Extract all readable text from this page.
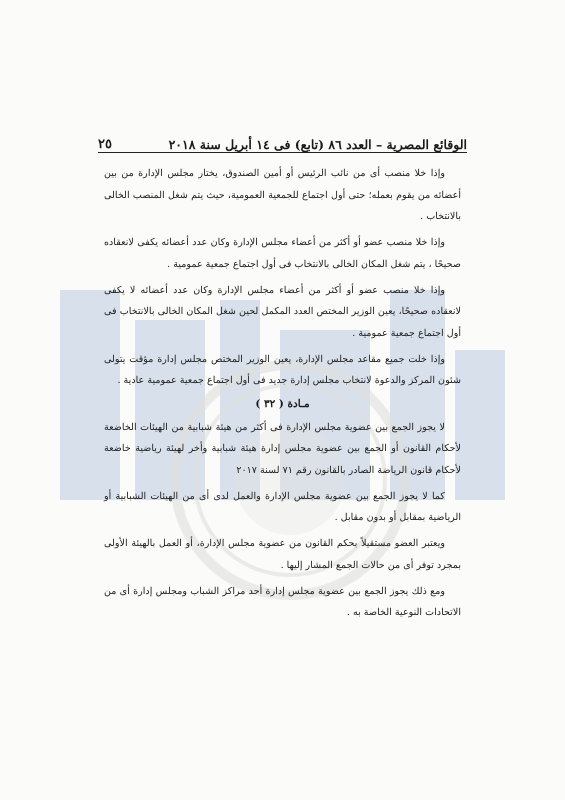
الوقائع المصرية – العدد ٨٦ (تابع) فى ١٤ أبريل سنة ٢٠١٨
٢٥

وإذا خلا منصب أى من نائب الرئيس أو أمين الصندوق، يختار مجلس الإدارة من بين أعضائه من يقوم بعمله؛ حتى أول اجتماع للجمعية العمومية، حيث يتم شغل المنصب الخالى بالانتخاب .

وإذا خلا منصب عضو أو أكثر من أعضاء مجلس الإدارة وكان عدد أعضائه يكفى لانعقاده صحيحًا ، يتم شغل المكان الخالى بالانتخاب فى أول اجتماع جمعية عمومية .

وإذا خلا منصب عضو أو أكثر من أعضاء مجلس الإدارة وكان عدد أعضائه لا يكفى لانعقاده صحيحًا، يعين الوزير المختص العدد المكمل لحين شغل المكان الخالى بالانتخاب فى أول اجتماع جمعية عمومية .

وإذا خلت جميع مقاعد مجلس الإدارة، يعين الوزير المختص مجلس إدارة مؤقت يتولى شئون المركز والدعوة لانتخاب مجلس إدارة جديد فى أول اجتماع جمعية عمومية عادية .

مـادة ( ٣٢ )

لا يجوز الجمع بين عضوية مجلس الإدارة فى أكثر من هيئة شبابية من الهيئات الخاضعة لأحكام القانون أو الجمع بين عضوية مجلس إدارة هيئة شبابية وأخر لهيئة رياضية خاضعة لأحكام قانون الرياضة الصادر بالقانون رقم ٧١ لسنة ٢٠١٧

كما لا يجوز الجمع بين عضوية مجلس الإدارة والعمل لدى أى من الهيئات الشبابية أو الرياضية بمقابل أو بدون مقابل .

ويعتبر العضو مستقيلاً بحكم القانون من عضوية مجلس الإدارة، أو العمل بالهيئة الأولى بمجرد توفر أى من حالات الجمع المشار إليها .

ومع ذلك يجوز الجمع بين عضوية مجلس إدارة أحد مراكز الشباب ومجلس إدارة أى من الاتحادات النوعية الخاصة به .
